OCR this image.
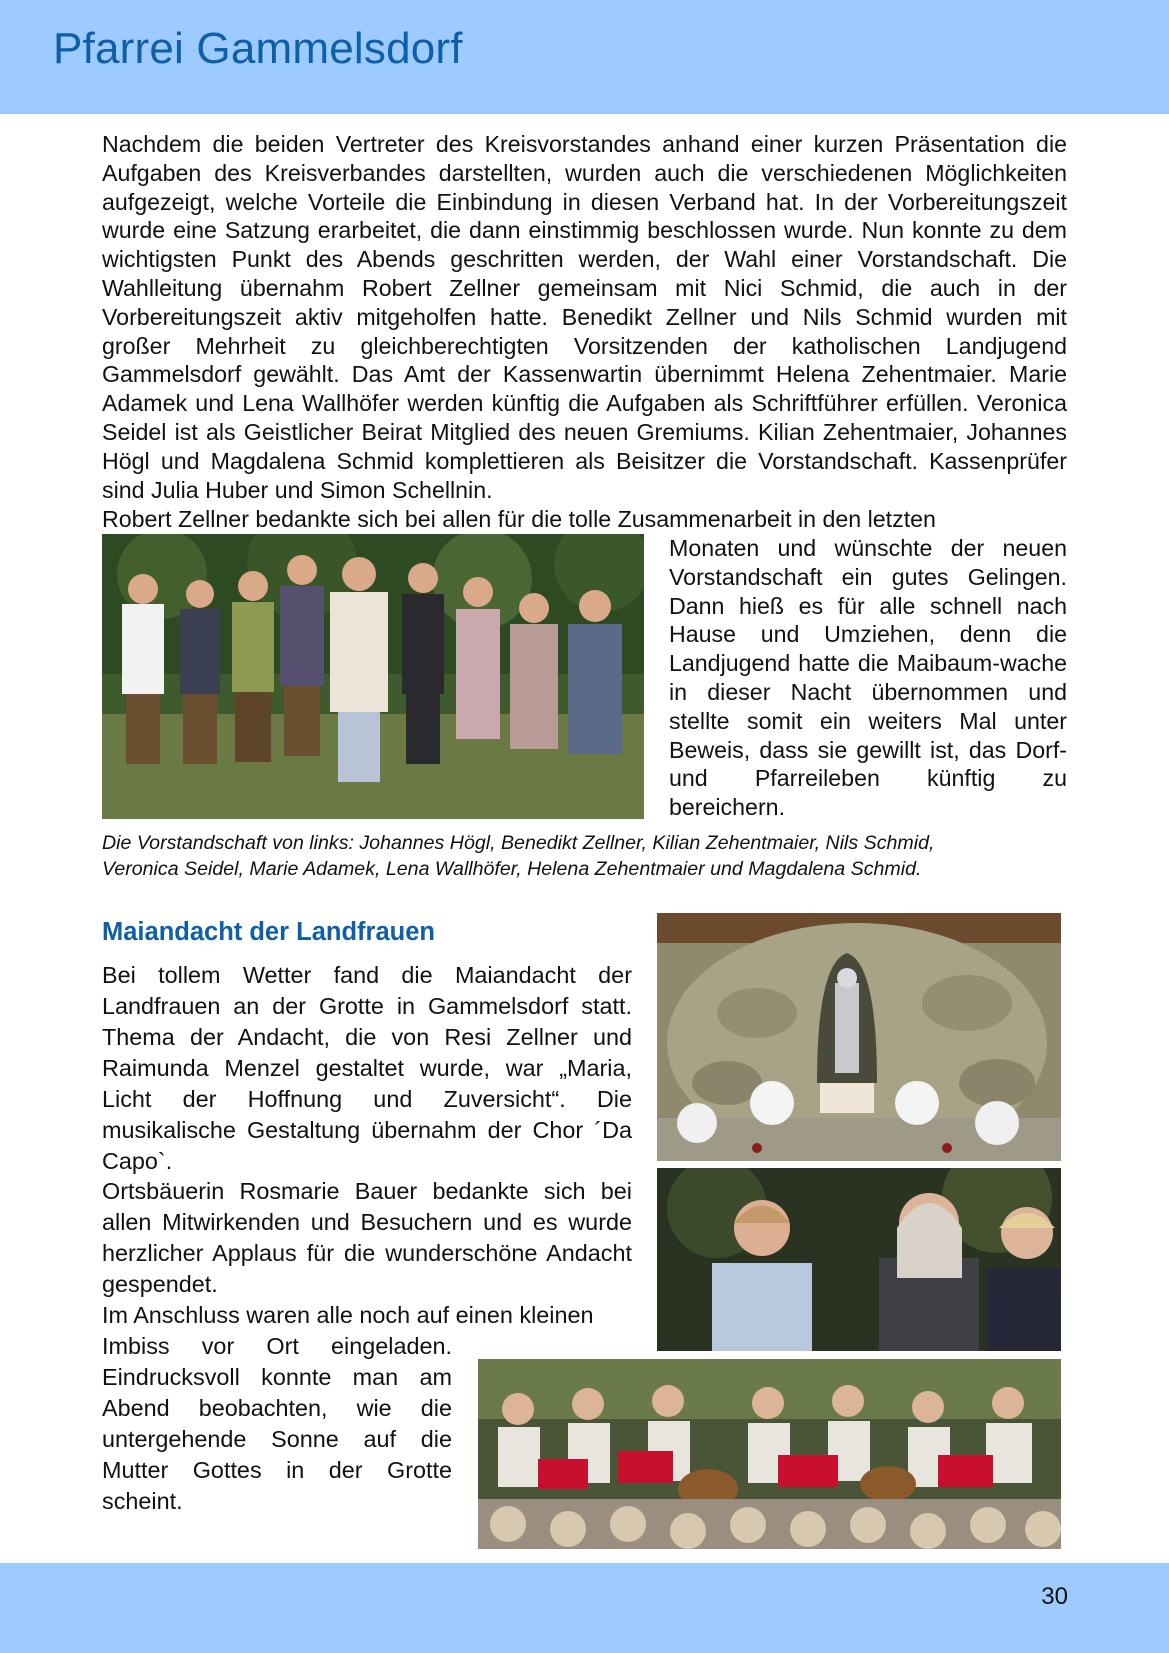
Pfarrei Gammelsdorf

Nachdem die beiden Vertreter des Kreisvorstandes anhand einer kurzen Präsentation die Aufgaben des Kreisverbandes darstellten, wurden auch die verschiedenen Möglichkeiten aufgezeigt, welche Vorteile die Einbindung in diesen Verband hat. In der Vorbereitungszeit wurde eine Satzung erarbeitet, die dann einstimmig beschlossen wurde. Nun konnte zu dem wichtigsten Punkt des Abends geschritten werden, der Wahl einer Vorstandschaft. Die Wahlleitung übernahm Robert Zellner gemeinsam mit Nici Schmid, die auch in der Vorbereitungszeit aktiv mitgeholfen hatte. Benedikt Zellner und Nils Schmid wurden mit großer Mehrheit zu gleichberechtigten Vorsitzenden der katholischen Landjugend Gammelsdorf gewählt. Das Amt der Kassenwartin übernimmt Helena Zehentmaier. Marie Adamek und Lena Wallhöfer werden künftig die Aufgaben als Schriftführer erfüllen. Veronica Seidel ist als Geistlicher Beirat Mitglied des neuen Gremiums. Kilian Zehentmaier, Johannes Högl und Magdalena Schmid komplettieren als Beisitzer die Vorstandschaft. Kassenprüfer sind Julia Huber und Simon Schellnin.

Robert Zellner bedankte sich bei allen für die tolle Zusammenarbeit in den letzten

Monaten und wünschte der neuen Vorstandschaft ein gutes Gelingen. Dann hieß es für alle schnell nach Hause und Umziehen, denn die Landjugend hatte die Maibaum-wache in dieser Nacht übernommen und stellte somit ein weiters Mal unter Beweis, dass sie gewillt ist, das Dorf- und Pfarreileben künftig zu bereichern.

Die Vorstandschaft von links: Johannes Högl, Benedikt Zellner, Kilian Zehentmaier, Nils Schmid,

Veronica Seidel, Marie Adamek, Lena Wallhöfer, Helena Zehentmaier und Magdalena Schmid.

Maiandacht der Landfrauen

Bei tollem Wetter fand die Maiandacht der Landfrauen an der Grotte in Gammelsdorf statt. Thema der Andacht, die von Resi Zellner und Raimunda Menzel gestaltet wurde, war „Maria, Licht der Hoffnung und Zuversicht“. Die musikalische Gestaltung übernahm der Chor ´Da Capo`.

Ortsbäuerin Rosmarie Bauer bedankte sich bei allen Mitwirkenden und Besuchern und es wurde herzlicher Applaus für die wunderschöne Andacht gespendet.

Im Anschluss waren alle noch auf einen kleinen

Imbiss vor Ort eingeladen. Eindrucksvoll konnte man am Abend beobachten, wie die untergehende Sonne auf die Mutter Gottes in der Grotte scheint.

30
